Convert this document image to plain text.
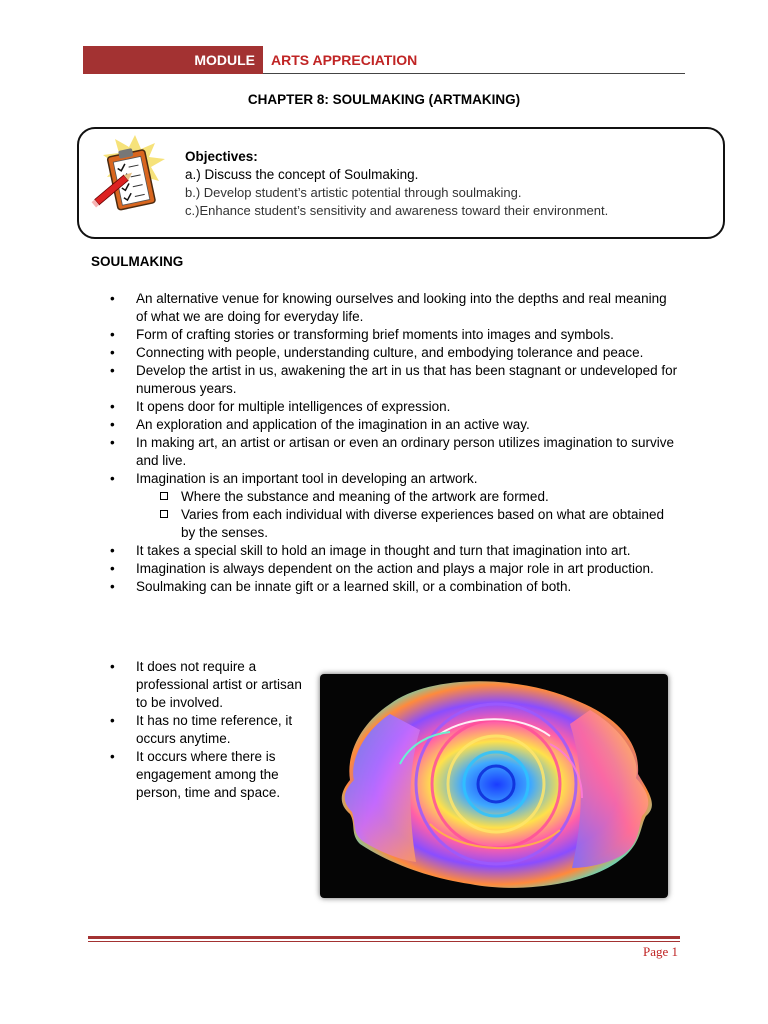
MODULE	ARTS APPRECIATION
CHAPTER 8: SOULMAKING (ARTMAKING)
Objectives:
a.) Discuss the concept of Soulmaking.
b.) Develop student’s artistic potential through soulmaking.
c.)Enhance student’s sensitivity and awareness toward their environment.
SOULMAKING
• An alternative venue for knowing ourselves and looking into the depths and real meaning of what we are doing for everyday life.
• Form of crafting stories or transforming brief moments into images and symbols.
• Connecting with people, understanding culture, and embodying tolerance and peace.
• Develop the artist in us, awakening the art in us that has been stagnant or undeveloped for numerous years.
• It opens door for multiple intelligences of expression.
• An exploration and application of the imagination in an active way.
• In making art, an artist or artisan or even an ordinary person utilizes imagination to survive and live.
• Imagination is an important tool in developing an artwork.
Where the substance and meaning of the artwork are formed.
Varies from each individual with diverse experiences based on what are obtained by the senses.
• It takes a special skill to hold an image in thought and turn that imagination into art.
• Imagination is always dependent on the action and plays a major role in art production.
• Soulmaking can be innate gift or a learned skill, or a combination of both.
• It does not require a professional artist or artisan to be involved.
• It has no time reference, it occurs anytime.
• It occurs where there is engagement among the person, time and space.
Page 1
